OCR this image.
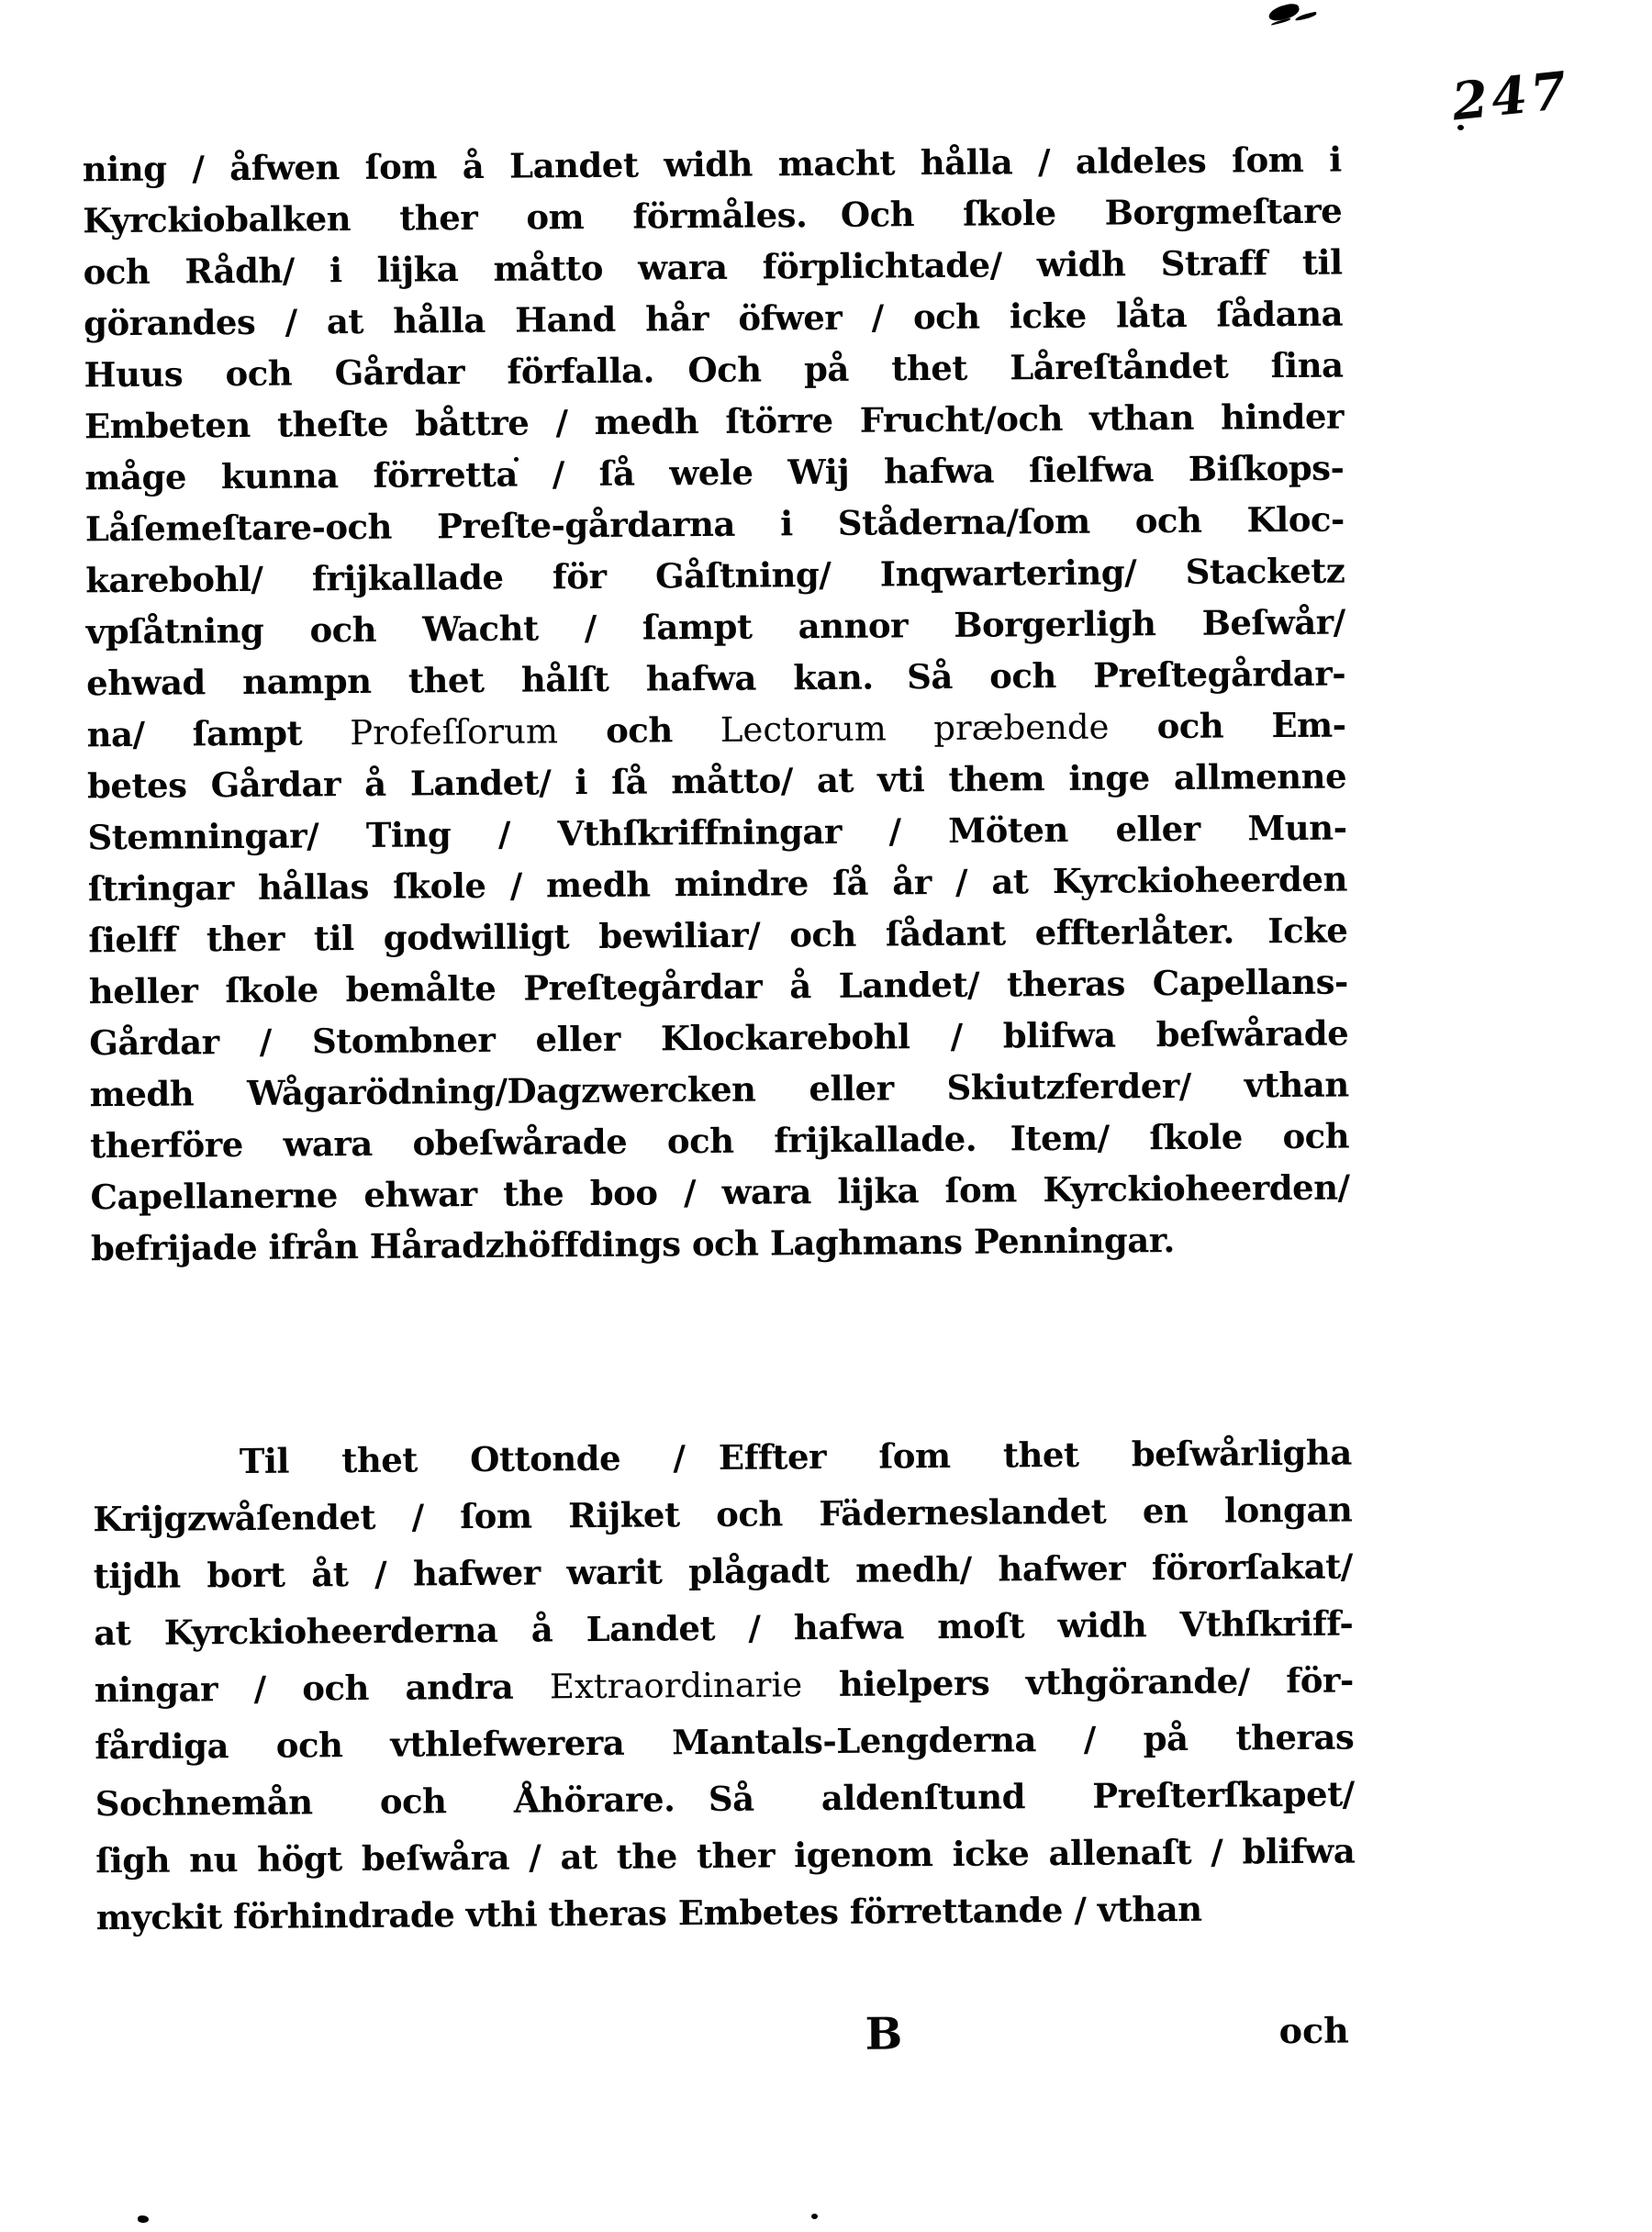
247
ning / åfwen ſom å Landet widh macht hålla / aldeles ſom i
Kyrckiobalken ther om förmåles. Och ſkole Borgmeſtare
och Rådh/ i lijka måtto wara förplichtade/ widh Straff til
görandes / at hålla Hand hår öfwer / och icke låta ſådana
Huus och Gårdar förfalla. Och på thet Låreſtåndet ſina
Embeten theſte båttre / medh ſtörre Frucht/och vthan hinder
måge kunna förretta / ſå wele Wij hafwa ſielfwa Biſkops-
Låſemeſtare-och Preſte-gårdarna i Ståderna/ſom och Kloc-
karebohl/ frijkallade för Gåſtning/ Inqwartering/ Stacketz
vpſåtning och Wacht / ſampt annor Borgerligh Beſwår/
ehwad nampn thet hålſt hafwa kan. Så och Preſtegårdar-
na/ ſampt Profeſſorum och Lectorum præbende och Em-
betes Gårdar å Landet/ i ſå måtto/ at vti them inge allmenne
Stemningar/ Ting / Vthſkriffningar / Möten eller Mun-
ſtringar hållas ſkole / medh mindre ſå år / at Kyrckioheerden
ſielff ther til godwilligt bewiliar/ och ſådant effterlåter. Icke
heller ſkole bemålte Preſtegårdar å Landet/ theras Capellans-
Gårdar / Stombner eller Klockarebohl / blifwa beſwårade
medh Wågarödning/Dagzwercken eller Skiutzferder/ vthan
therföre wara obeſwårade och frijkallade. Item/ ſkole och
Capellanerne ehwar the boo / wara lijka ſom Kyrckioheerden/
befrijade ifrån Håradzhöffdings och Laghmans Penningar.
Til thet Ottonde / Effter ſom thet beſwårligha
Krijgzwåſendet / ſom Rijket och Fäderneslandet en longan
tijdh bort åt / hafwer warit plågadt medh/ hafwer förorſakat/
at Kyrckioheerderna å Landet / hafwa moſt widh Vthſkriff-
ningar / och andra Extraordinarie hielpers vthgörande/ för-
fårdiga och vthlefwerera Mantals-Lengderna / på theras
Sochnemån och Åhörare. Så aldenſtund Preſterſkapet/
ſigh nu högt beſwåra / at the ther igenom icke allenaſt / blifwa
myckit förhindrade vthi theras Embetes förrettande / vthan
B	och
